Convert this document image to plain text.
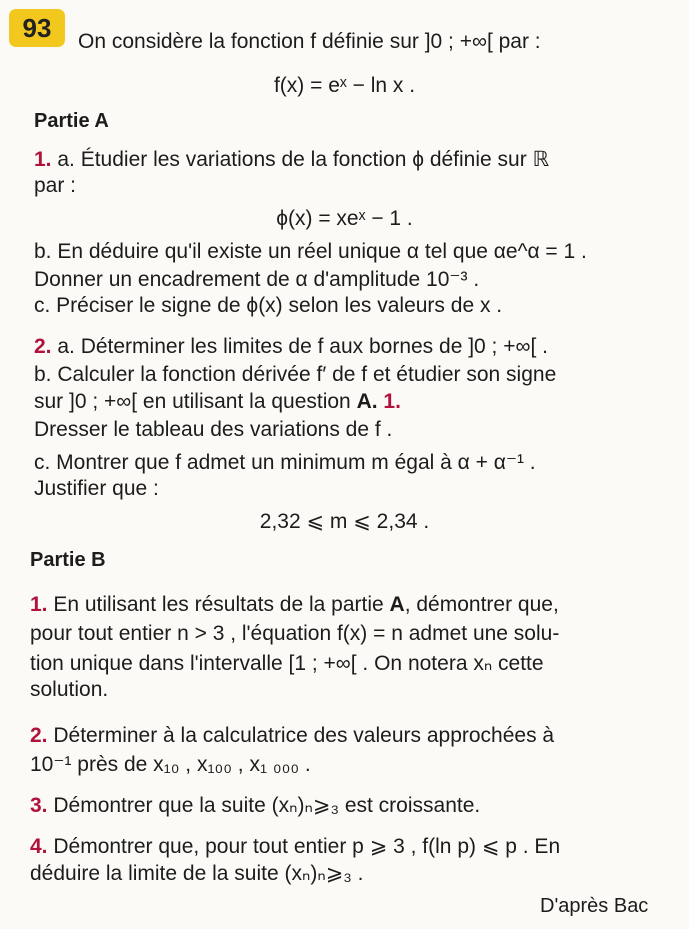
93	On considère la fonction f définie sur ]0 ; +∞[ par :
f(x) = eˣ − ln x .
Partie A
1. a. Étudier les variations de la fonction ϕ définie sur ℝ
par :
ϕ(x) = xeˣ − 1 .
b. En déduire qu'il existe un réel unique α tel que αe^α = 1 .
Donner un encadrement de α d'amplitude 10⁻³ .
c. Préciser le signe de ϕ(x) selon les valeurs de x .
2. a. Déterminer les limites de f aux bornes de ]0 ; +∞[ .
b. Calculer la fonction dérivée f′ de f et étudier son signe
sur ]0 ; +∞[ en utilisant la question A. 1.
Dresser le tableau des variations de f .
c. Montrer que f admet un minimum m égal à α + α⁻¹ .
Justifier que :
2,32 ⩽ m ⩽ 2,34 .
Partie B
1. En utilisant les résultats de la partie A, démontrer que,
pour tout entier n > 3 , l'équation f(x) = n admet une solu-
tion unique dans l'intervalle [1 ; +∞[ . On notera xₙ cette
solution.
2. Déterminer à la calculatrice des valeurs approchées à
10⁻¹ près de x₁₀ , x₁₀₀ , x₁ ₀₀₀ .
3. Démontrer que la suite (xₙ)ₙ⩾₃ est croissante.
4. Démontrer que, pour tout entier p ⩾ 3 , f(ln p) ⩽ p . En
déduire la limite de la suite (xₙ)ₙ⩾₃ .
D'après Bac
